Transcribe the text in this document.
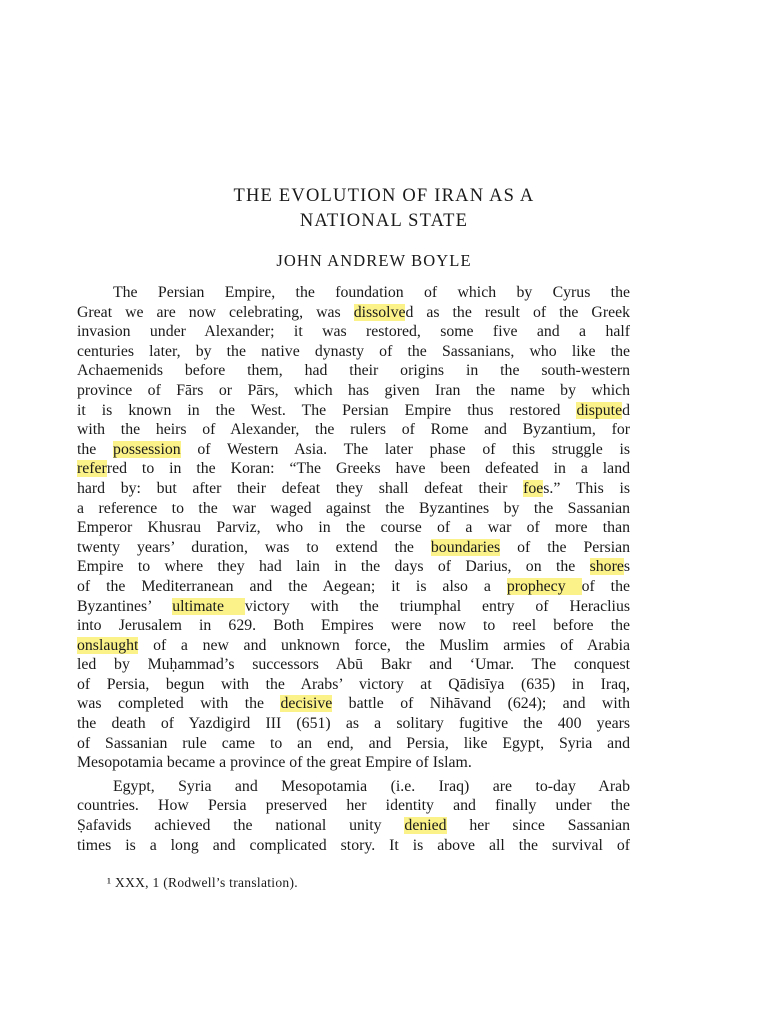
THE EVOLUTION OF IRAN AS A
NATIONAL STATE
JOHN ANDREW BOYLE
The Persian Empire, the foundation of which by Cyrus the
Great we are now celebrating, was dissolved as the result of the Greek
invasion under Alexander; it was restored, some five and a half
centuries later, by the native dynasty of the Sassanians, who like the
Achaemenids before them, had their origins in the south-western
province of Fārs or Pārs, which has given Iran the name by which
it is known in the West. The Persian Empire thus restored disputed
with the heirs of Alexander, the rulers of Rome and Byzantium, for
the possession of Western Asia. The later phase of this struggle is
referred to in the Koran: “The Greeks have been defeated in a land
hard by: but after their defeat they shall defeat their foes.” This is
a reference to the war waged against the Byzantines by the Sassanian
Emperor Khusrau Parviz, who in the course of a war of more than
twenty years’ duration, was to extend the boundaries of the Persian
Empire to where they had lain in the days of Darius, on the shores
of the Mediterranean and the Aegean; it is also a prophecy of the
Byzantines’ ultimate victory with the triumphal entry of Heraclius
into Jerusalem in 629. Both Empires were now to reel before the
onslaught of a new and unknown force, the Muslim armies of Arabia
led by Muḥammad’s successors Abū Bakr and ‘Umar. The conquest
of Persia, begun with the Arabs’ victory at Qādisīya (635) in Iraq,
was completed with the decisive battle of Nihāvand (624); and with
the death of Yazdigird III (651) as a solitary fugitive the 400 years
of Sassanian rule came to an end, and Persia, like Egypt, Syria and
Mesopotamia became a province of the great Empire of Islam.
Egypt, Syria and Mesopotamia (i.e. Iraq) are to-day Arab
countries. How Persia preserved her identity and finally under the
Ṣafavids achieved the national unity denied her since Sassanian
times is a long and complicated story. It is above all the survival of
¹ XXX, 1 (Rodwell’s translation).
